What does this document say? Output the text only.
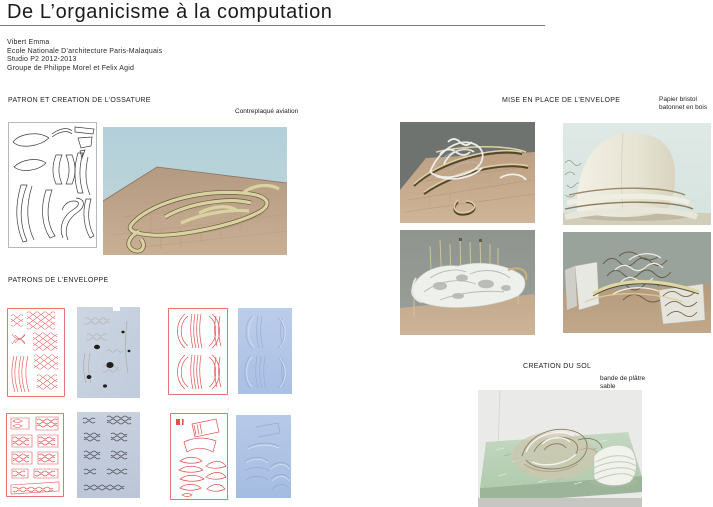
De L’organicisme à la computation
Vibert Emma
Ecole Nationale D’architecture Paris-Malaquais
Studio P2 2012-2013
Groupe de Philippe Morel et Felix Agid
PATRON ET CREATION DE L’OSSATURE
Contreplaqué aviation
PATRONS DE L’ENVELOPPE
MISE EN PLACE DE L’ENVELOPE	Papier bristol
batonnet en bois
CREATION DU SOL
bande de plâtre
sable
